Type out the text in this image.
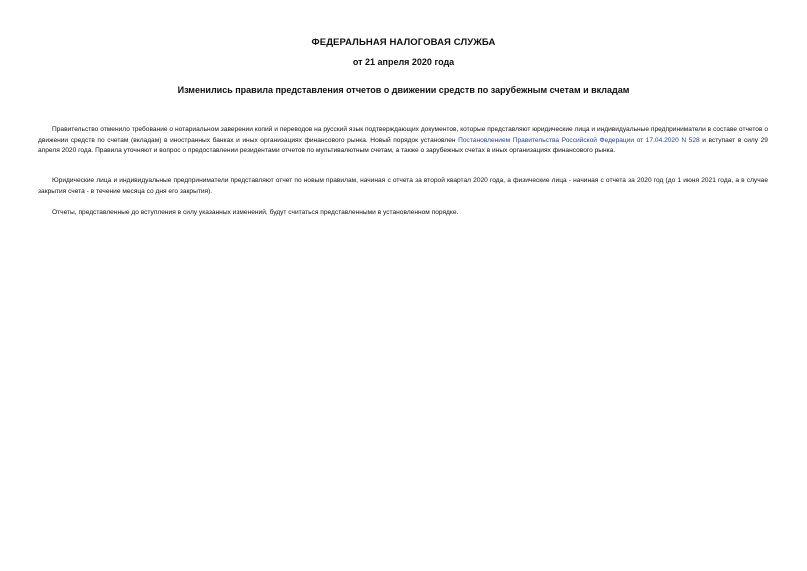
ФЕДЕРАЛЬНАЯ НАЛОГОВАЯ СЛУЖБА
от 21 апреля 2020 года
Изменились правила представления отчетов о движении средств по зарубежным счетам и вкладам

Правительство отменило требование о нотариальном заверении копий и переводов на русский язык подтверждающих документов, которые представляют юридические лица и индивидуальные предприниматели в составе отчетов о движении средств по счетам (вкладам) в иностранных банках и иных организациях финансового рынка. Новый порядок установлен Постановлением Правительства Российской Федерации от 17.04.2020 N 528 и вступает в силу 29 апреля 2020 года. Правила уточняют и вопрос о предоставлении резидентами отчетов по мультивалютным счетам, а также о зарубежных счетах в иных организациях финансового рынка.

Юридические лица и индивидуальные предприниматели представляют отчет по новым правилам, начиная с отчета за второй квартал 2020 года, а физические лица - начиная с отчета за 2020 год (до 1 июня 2021 года, а в случае закрытия счета - в течение месяца со дня его закрытия).

Отчеты, представленные до вступления в силу указанных изменений, будут считаться представленными в установленном порядке.
